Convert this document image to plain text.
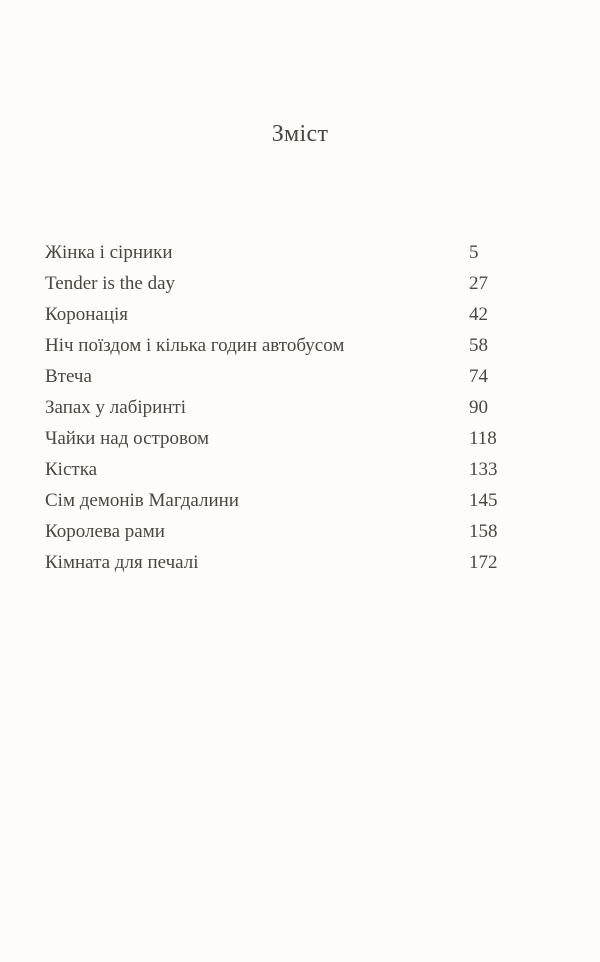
Зміст
Жінка і сірники	5
Tender is the day	27
Коронація	42
Ніч поїздом і кілька годин автобусом	58
Втеча	74
Запах у лабіринті	90
Чайки над островом	118
Кістка	133
Сім демонів Магдалини	145
Королева рами	158
Кімната для печалі	172
